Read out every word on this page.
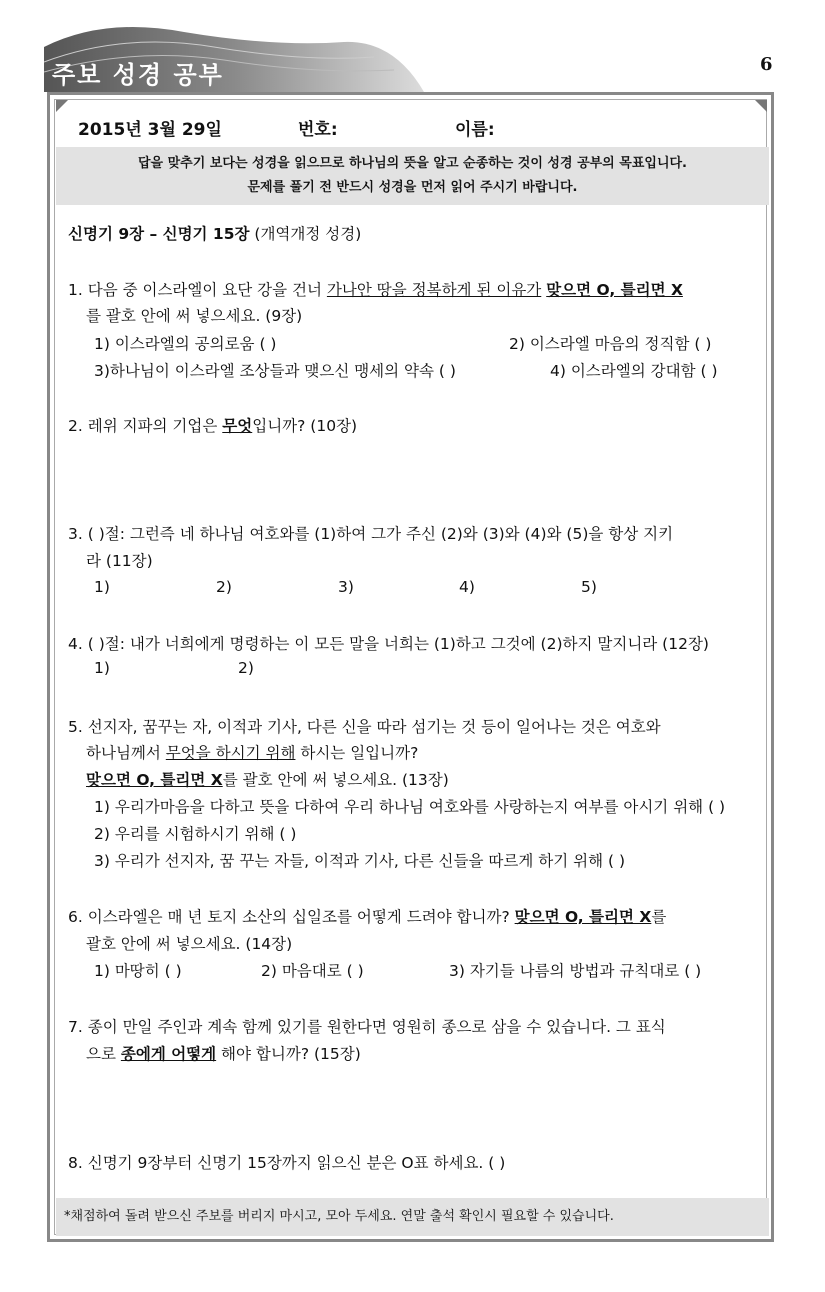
주보 성경 공부	6
2015년 3월 29일	번호:	이름:
답을 맞추기 보다는 성경을 읽으므로 하나님의 뜻을 알고 순종하는 것이 성경 공부의 목표입니다.
문제를 풀기 전 반드시 성경을 먼저 읽어 주시기 바랍니다.
신명기 9장 – 신명기 15장 (개역개정 성경)
1. 다음 중 이스라엘이 요단 강을 건너 가나안 땅을 정복하게 된 이유가 맞으면 O, 틀리면 X
를 괄호 안에 써 넣으세요. (9장)
1) 이스라엘의 공의로움 ( )	2) 이스라엘 마음의 정직함 ( )
3)하나님이 이스라엘 조상들과 맺으신 맹세의 약속 ( )	4) 이스라엘의 강대함 ( )
2. 레위 지파의 기업은 무엇입니까? (10장)
3. ( )절: 그런즉 네 하나님 여호와를 (1)하여 그가 주신 (2)와 (3)와 (4)와 (5)을 항상 지키
라 (11장)
1)	2)	3)	4)	5)
4. ( )절: 내가 너희에게 명령하는 이 모든 말을 너희는 (1)하고 그것에 (2)하지 말지니라 (12장)
1)	2)
5. 선지자, 꿈꾸는 자, 이적과 기사, 다른 신을 따라 섬기는 것 등이 일어나는 것은 여호와
하나님께서 무엇을 하시기 위해 하시는 일입니까?
맞으면 O, 틀리면 X를 괄호 안에 써 넣으세요. (13장)
1) 우리가마음을 다하고 뜻을 다하여 우리 하나님 여호와를 사랑하는지 여부를 아시기 위해 ( )
2) 우리를 시험하시기 위해 ( )
3) 우리가 선지자, 꿈 꾸는 자들, 이적과 기사, 다른 신들을 따르게 하기 위해 ( )
6. 이스라엘은 매 년 토지 소산의 십일조를 어떻게 드려야 합니까? 맞으면 O, 틀리면 X를
괄호 안에 써 넣으세요. (14장)
1) 마땅히 ( )	2) 마음대로 ( )	3) 자기들 나름의 방법과 규칙대로 ( )
7. 종이 만일 주인과 계속 함께 있기를 원한다면 영원히 종으로 삼을 수 있습니다. 그 표식
으로 종에게 어떻게 해야 합니까? (15장)
8. 신명기 9장부터 신명기 15장까지 읽으신 분은 O표 하세요. ( )
*채점하여 돌려 받으신 주보를 버리지 마시고, 모아 두세요. 연말 출석 확인시 필요할 수 있습니다.
